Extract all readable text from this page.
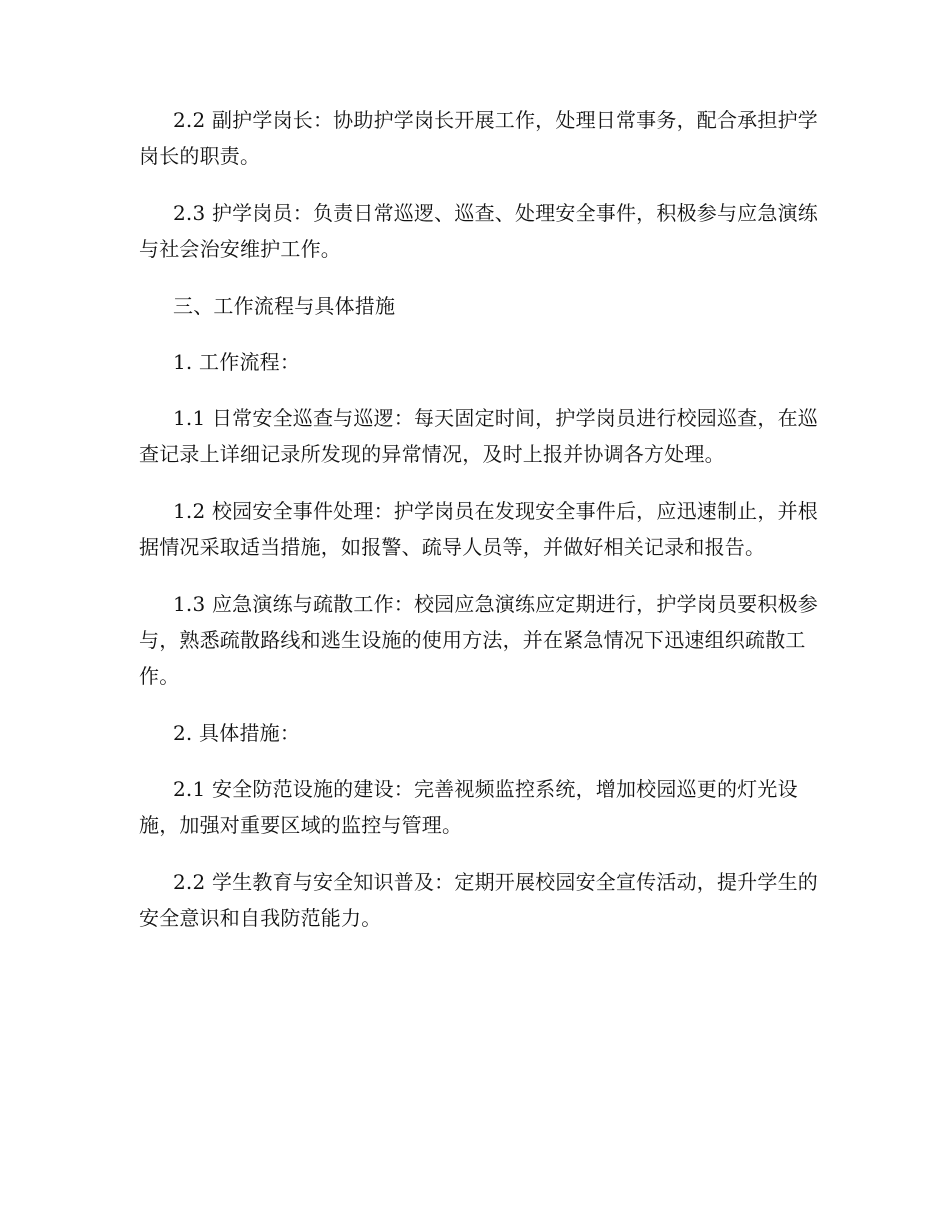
2.2 副护学岗长：协助护学岗长开展工作，处理日常事务，配合承担护学岗长的职责。

2.3 护学岗员：负责日常巡逻、巡查、处理安全事件，积极参与应急演练与社会治安维护工作。

三、工作流程与具体措施

1. 工作流程：

1.1 日常安全巡查与巡逻：每天固定时间，护学岗员进行校园巡查，在巡查记录上详细记录所发现的异常情况，及时上报并协调各方处理。

1.2 校园安全事件处理：护学岗员在发现安全事件后，应迅速制止，并根据情况采取适当措施，如报警、疏导人员等，并做好相关记录和报告。

1.3 应急演练与疏散工作：校园应急演练应定期进行，护学岗员要积极参与，熟悉疏散路线和逃生设施的使用方法，并在紧急情况下迅速组织疏散工作。

2. 具体措施：

2.1 安全防范设施的建设：完善视频监控系统，增加校园巡更的灯光设施，加强对重要区域的监控与管理。

2.2 学生教育与安全知识普及：定期开展校园安全宣传活动，提升学生的安全意识和自我防范能力。
